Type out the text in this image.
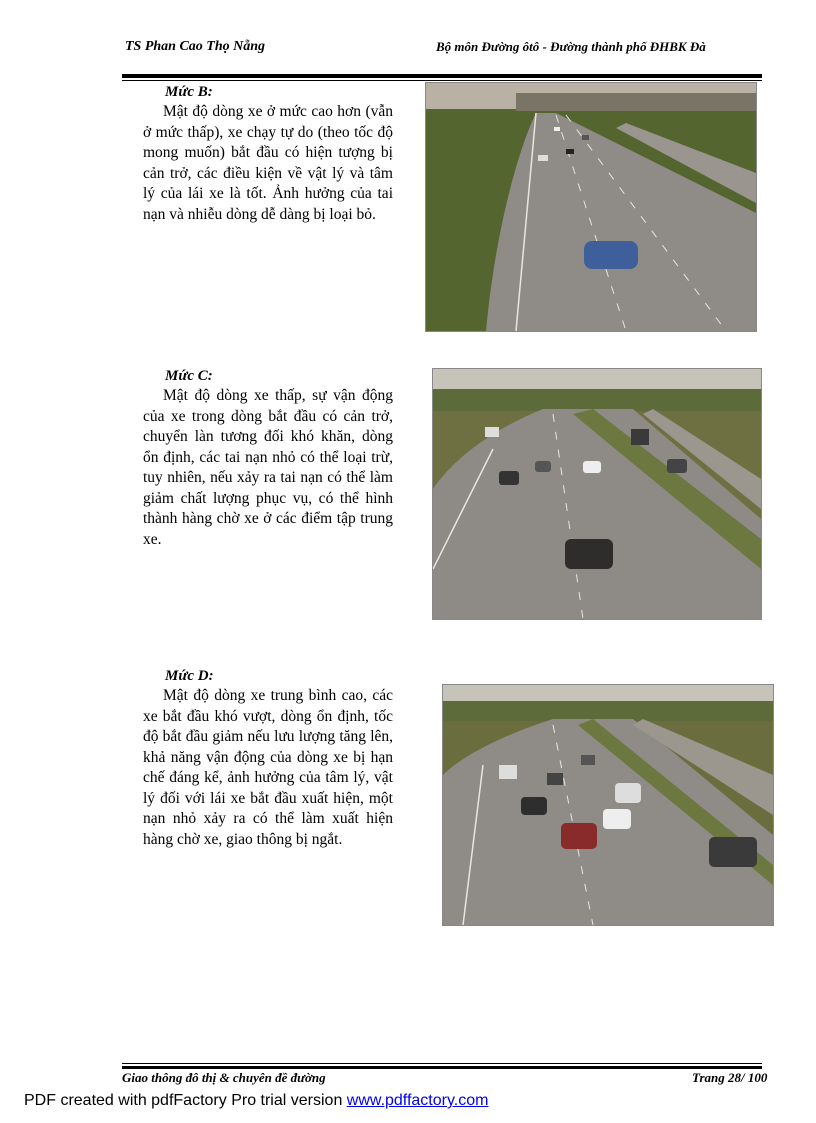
TS Phan Cao Thọ Nẵng	Bộ môn Đường ôtô - Đường thành phố ĐHBK Đà

Mức B:

Mật độ dòng xe ở mức cao hơn (vẫn ở mức thấp), xe chạy tự do (theo tốc độ mong muốn) bắt đầu có hiện tượng bị cản trở, các điều kiện về vật lý và tâm lý của lái xe là tốt. Ảnh hưởng của tai nạn và nhiễu dòng dễ dàng bị loại bỏ.

Mức C:

Mật độ dòng xe thấp, sự vận động của xe trong dòng bắt đầu có cản trở, chuyển làn tương đối khó khăn, dòng ổn định, các tai nạn nhỏ có thể loại trừ, tuy nhiên, nếu xảy ra tai nạn có thể làm giảm chất lượng phục vụ, có thể hình thành hàng chờ xe ở các điểm tập trung xe.

Mức D:

Mật độ dòng xe trung bình cao, các xe bắt đầu khó vượt, dòng ổn định, tốc độ bắt đầu giảm nếu lưu lượng tăng lên, khả năng vận động của dòng xe bị hạn chế đáng kể, ảnh hưởng của tâm lý, vật lý đối với lái xe bắt đầu xuất hiện, một nạn nhỏ xảy ra có thể làm xuất hiện hàng chờ xe, giao thông bị ngắt.

Giao thông đô thị & chuyên đề đường	Trang 28/ 100
PDF created with pdfFactory Pro trial version www.pdffactory.com
